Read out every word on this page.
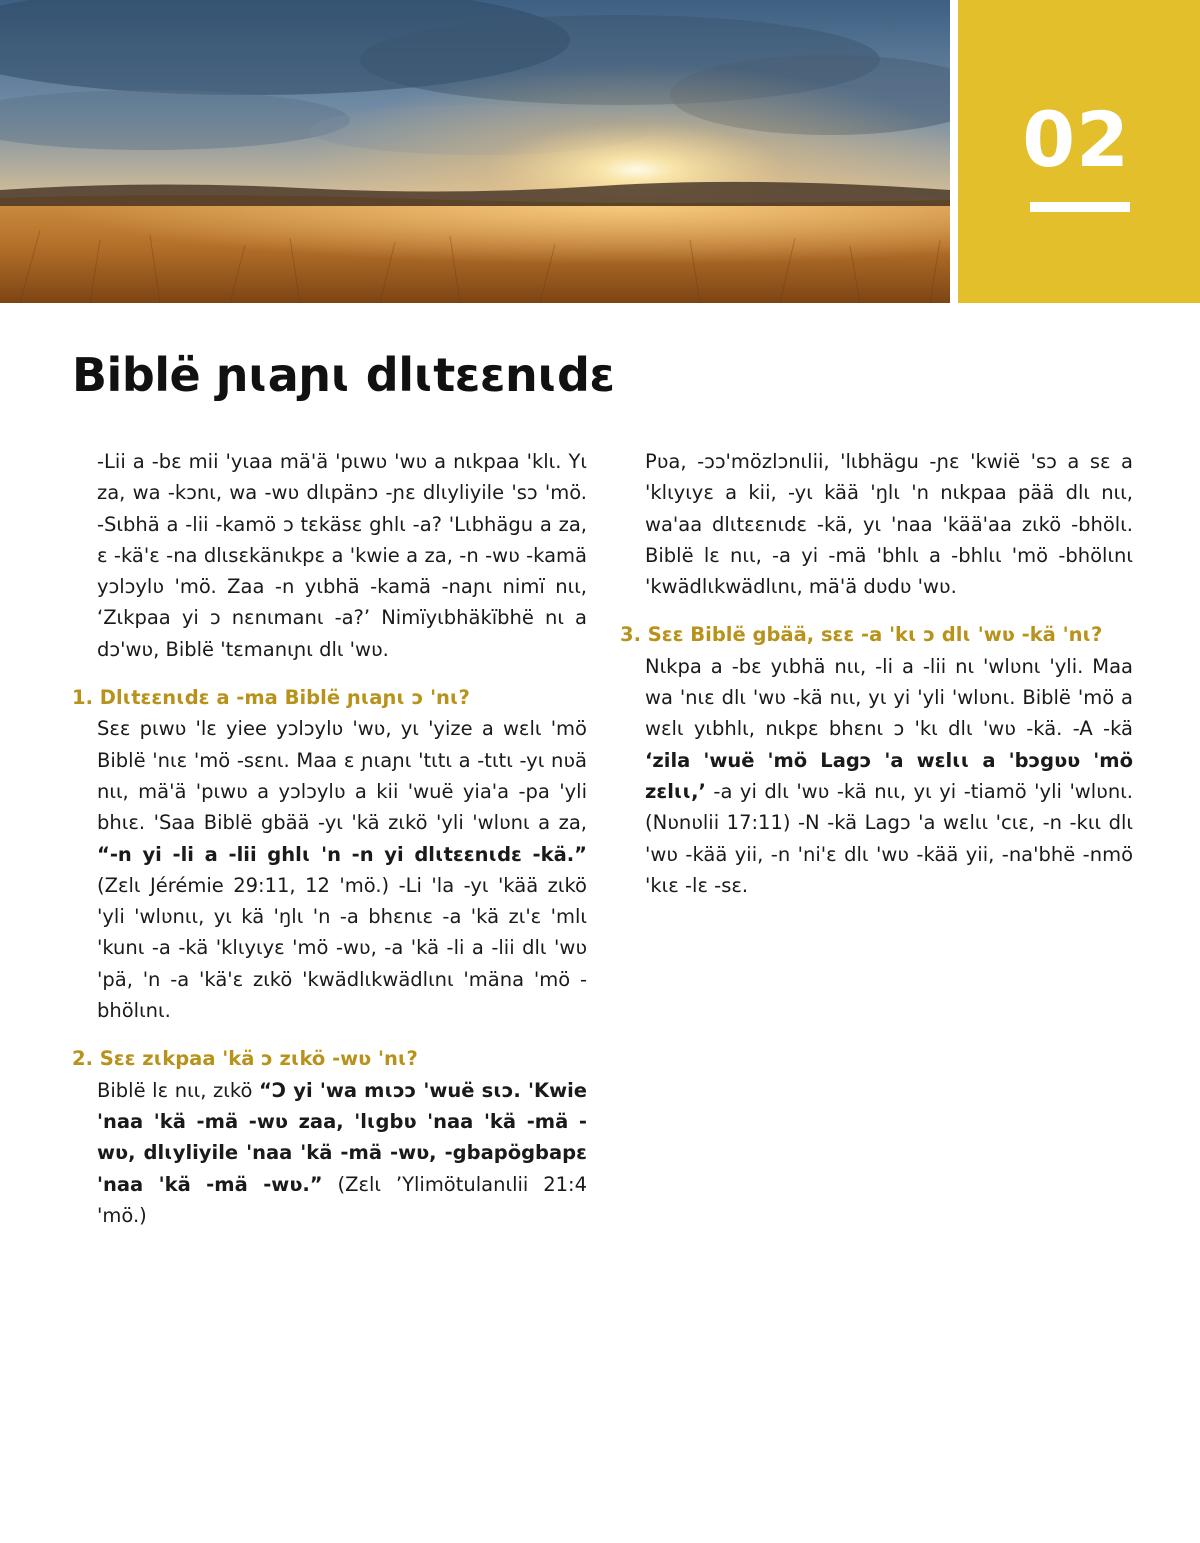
02
Biblë ɲɩaɲɩ dlɩtɛɛnɩdɛ

-Lii a -bɛ mii 'yɩaa mä'ä 'pɩwʋ 'wʋ a nɩkpaa 'klɩ. Yɩ za, wa -kɔnɩ, wa -wʋ dlɩpänɔ -ɲɛ dlɩyliyile 'sɔ 'mö. -Sɩbhä a -lii -kamö ɔ tɛkäsɛ ghlɩ -a? 'Lɩbhägu a za, ɛ -kä'ɛ -na dlɩsɛkänɩkpɛ a 'kwie a za, -n -wʋ -kamä yɔlɔylʋ 'mö. Zaa -n yɩbhä -kamä -naɲɩ nimï nɩɩ, ‘Zɩkpaa yi ɔ nɛnɩmanɩ -a?’ Nimïyɩbhäkïbhë nɩ a dɔ'wʋ, Biblë 'tɛmanɩɲɩ dlɩ 'wʋ.

1. Dlɩtɛɛnɩdɛ a -ma Biblë ɲɩaɲɩ ɔ 'nɩ?

Sɛɛ pɩwʋ 'lɛ yiee yɔlɔylʋ 'wʋ, yɩ 'yize a wɛlɩ 'mö Biblë 'nɩɛ 'mö -sɛnɩ. Maa ɛ ɲɩaɲɩ 'tɩtɩ a -tɩtɩ -yɩ nʋä nɩɩ, mä'ä 'pɩwʋ a yɔlɔylʋ a kii 'wuë yia'a -pa 'yli bhɩɛ. 'Saa Biblë gbää -yɩ 'kä zɩkö 'yli 'wlʋnɩ a za, “-n yi -li a -lii ghlɩ 'n -n yi dlɩtɛɛnɩdɛ -kä.” (Zɛlɩ Jérémie 29:11, 12 'mö.) -Li 'la -yɩ 'kää zɩkö 'yli 'wlʋnɩɩ, yɩ kä 'ŋlɩ 'n -a bhɛnɩɛ -a 'kä zɩ'ɛ 'mlɩ 'kunɩ -a -kä 'klɩyɩyɛ 'mö -wʋ, -a 'kä -li a -lii dlɩ 'wʋ 'pä, 'n -a 'kä'ɛ zɩkö 'kwädlɩkwädlɩnɩ 'mäna 'mö -bhölɩnɩ.

2. Sɛɛ zɩkpaa 'kä ɔ zɩkö -wʋ 'nɩ?

Biblë lɛ nɩɩ, zɩkö “Ɔ yi 'wa mɩɔɔ 'wuë sɩɔ. 'Kwie 'naa 'kä -mä -wʋ zaa, 'lɩgbʋ 'naa 'kä -mä -wʋ, dlɩyliyile 'naa 'kä -mä -wʋ, -gbapögbapɛ 'naa 'kä -mä -wʋ.” (Zɛlɩ ’Ylimötulanɩlii 21:4 'mö.)

Pʋa, -ɔɔ'mözlɔnɩlii, 'lɩbhägu -ɲɛ 'kwië 'sɔ a sɛ a 'klɩyɩyɛ a kii, -yɩ kää 'ŋlɩ 'n nɩkpaa pää dlɩ nɩɩ, wa'aa dlɩtɛɛnɩdɛ -kä, yɩ 'naa 'kää'aa zɩkö -bhölɩ. Biblë lɛ nɩɩ, -a yi -mä 'bhlɩ a -bhlɩɩ 'mö -bhölɩnɩ 'kwädlɩkwädlɩnɩ, mä'ä dʋdʋ 'wʋ.

3. Sɛɛ Biblë gbää, sɛɛ -a 'kɩ ɔ dlɩ 'wʋ -kä 'nɩ?

Nɩkpa a -bɛ yɩbhä nɩɩ, -li a -lii nɩ 'wlʋnɩ 'yli. Maa wa 'nɩɛ dlɩ 'wʋ -kä nɩɩ, yɩ yi 'yli 'wlʋnɩ. Biblë 'mö a wɛlɩ yɩbhlɩ, nɩkpɛ bhɛnɩ ɔ 'kɩ dlɩ 'wʋ -kä. -A -kä ‘zila 'wuë 'mö Lagɔ 'a wɛlɩɩ a 'bɔgʋʋ 'mö zɛlɩɩ,’ -a yi dlɩ 'wʋ -kä nɩɩ, yɩ yi -tiamö 'yli 'wlʋnɩ. (Nʋnʋlii 17:11) -N -kä Lagɔ 'a wɛlɩɩ 'cɩɛ, -n -kɩɩ dlɩ 'wʋ -kää yii, -n 'ni'ɛ dlɩ 'wʋ -kää yii, -na'bhë -nmö 'kɩɛ -lɛ -sɛ.
